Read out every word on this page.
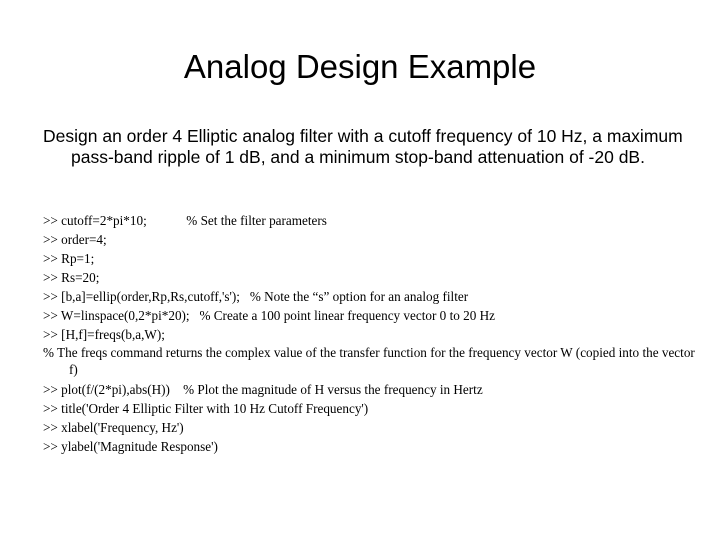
Analog Design Example

Design an order 4 Elliptic analog filter with a cutoff frequency of 10 Hz, a maximum pass-band ripple of 1 dB, and a minimum stop-band attenuation of -20 dB.

>> cutoff=2*pi*10;            % Set the filter parameters
>> order=4;
>> Rp=1;
>> Rs=20;
>> [b,a]=ellip(order,Rp,Rs,cutoff,'s');   % Note the “s” option for an analog filter
>> W=linspace(0,2*pi*20);   % Create a 100 point linear frequency vector 0 to 20 Hz
>> [H,f]=freqs(b,a,W);
% The freqs command returns the complex value of the transfer function for the frequency vector W (copied into the vector f)
>> plot(f/(2*pi),abs(H))    % Plot the magnitude of H versus the frequency in Hertz
>> title('Order 4 Elliptic Filter with 10 Hz Cutoff Frequency')
>> xlabel('Frequency, Hz')
>> ylabel('Magnitude Response')
